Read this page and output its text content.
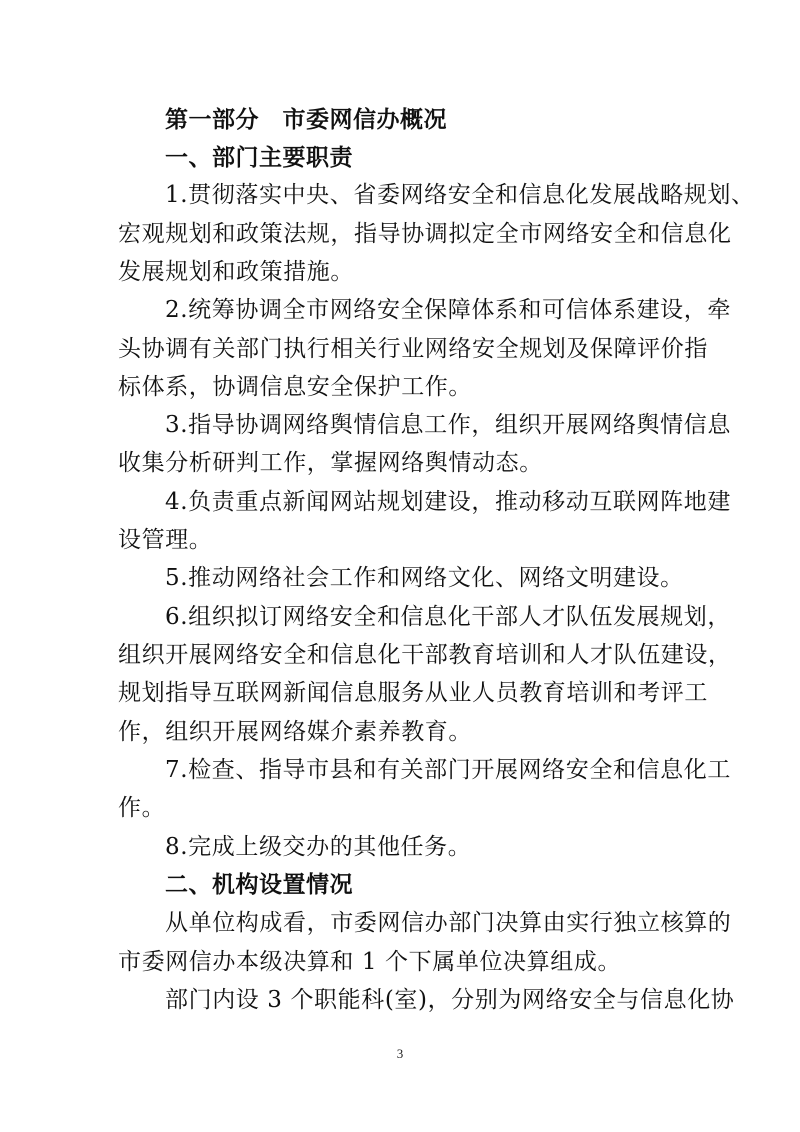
第一部分　市委网信办概况
一、部门主要职责
1.贯彻落实中央、省委网络安全和信息化发展战略规划、
宏观规划和政策法规，指导协调拟定全市网络安全和信息化
发展规划和政策措施。
2.统筹协调全市网络安全保障体系和可信体系建设，牵
头协调有关部门执行相关行业网络安全规划及保障评价指
标体系，协调信息安全保护工作。
3.指导协调网络舆情信息工作，组织开展网络舆情信息
收集分析研判工作，掌握网络舆情动态。
4.负责重点新闻网站规划建设，推动移动互联网阵地建
设管理。
5.推动网络社会工作和网络文化、网络文明建设。
6.组织拟订网络安全和信息化干部人才队伍发展规划，
组织开展网络安全和信息化干部教育培训和人才队伍建设，
规划指导互联网新闻信息服务从业人员教育培训和考评工
作，组织开展网络媒介素养教育。
7.检查、指导市县和有关部门开展网络安全和信息化工
作。
8.完成上级交办的其他任务。
二、机构设置情况
从单位构成看，市委网信办部门决算由实行独立核算的
市委网信办本级决算和 1 个下属单位决算组成。
部门内设 3 个职能科(室)，分别为网络安全与信息化协
3
